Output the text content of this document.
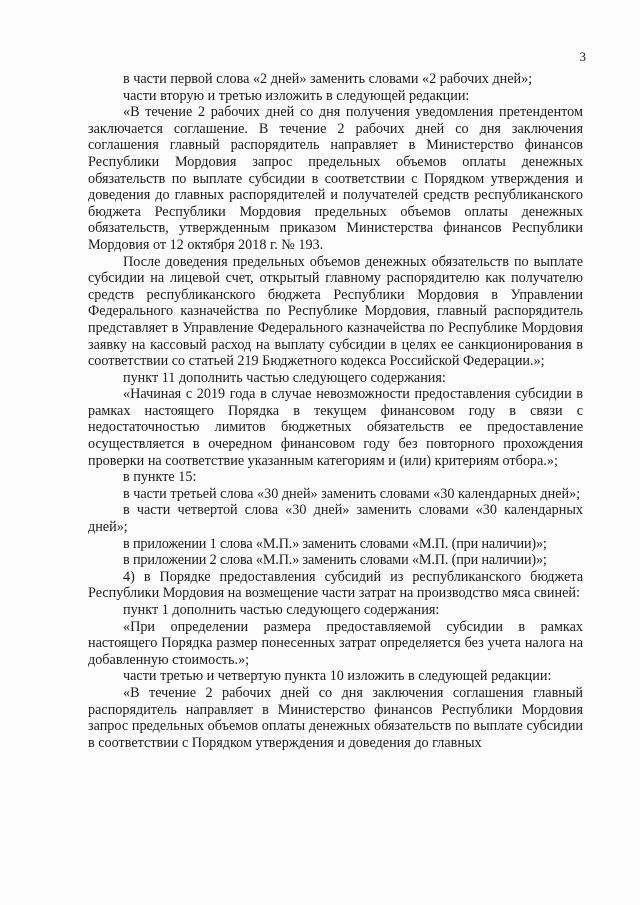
3

в части первой слова «2 дней» заменить словами «2 рабочих дней»;

части вторую и третью изложить в следующей редакции:

«В течение 2 рабочих дней со дня получения уведомления претендентом заключается соглашение. В течение 2 рабочих дней со дня заключения соглашения главный распорядитель направляет в Министерство финансов Республики Мордовия запрос предельных объемов оплаты денежных обязательств по выплате субсидии в соответствии с Порядком утверждения и доведения до главных распорядителей и получателей средств республиканского бюджета Республики Мордовия предельных объемов оплаты денежных обязательств, утвержденным приказом Министерства финансов Республики Мордовия от 12 октября 2018 г. № 193.

После доведения предельных объемов денежных обязательств по выплате субсидии на лицевой счет, открытый главному распорядителю как получателю средств республиканского бюджета Республики Мордовия в Управлении Федерального казначейства по Республике Мордовия, главный распорядитель представляет в Управление Федерального казначейства по Республике Мордовия заявку на кассовый расход на выплату субсидии в целях ее санкционирования в соответствии со статьей 219 Бюджетного кодекса Российской Федерации.»;

пункт 11 дополнить частью следующего содержания:

«Начиная с 2019 года в случае невозможности предоставления субсидии в рамках настоящего Порядка в текущем финансовом году в связи с недостаточностью лимитов бюджетных обязательств ее предоставление осуществляется в очередном финансовом году без повторного прохождения проверки на соответствие указанным категориям и (или) критериям отбора.»;

в пункте 15:

в части третьей слова «30 дней» заменить словами «30 календарных дней»;

в части четвертой слова «30 дней» заменить словами «30 календарных дней»;

в приложении 1 слова «М.П.» заменить словами «М.П. (при наличии)»;

в приложении 2 слова «М.П.» заменить словами «М.П. (при наличии)»;

4) в Порядке предоставления субсидий из республиканского бюджета Республики Мордовия на возмещение части затрат на производство мяса свиней:

пункт 1 дополнить частью следующего содержания:

«При определении размера предоставляемой субсидии в рамках настоящего Порядка размер понесенных затрат определяется без учета налога на добавленную стоимость.»;

части третью и четвертую пункта 10 изложить в следующей редакции:

«В течение 2 рабочих дней со дня заключения соглашения главный распорядитель направляет в Министерство финансов Республики Мордовия запрос предельных объемов оплаты денежных обязательств по выплате субсидии в соответствии с Порядком утверждения и доведения до главных
